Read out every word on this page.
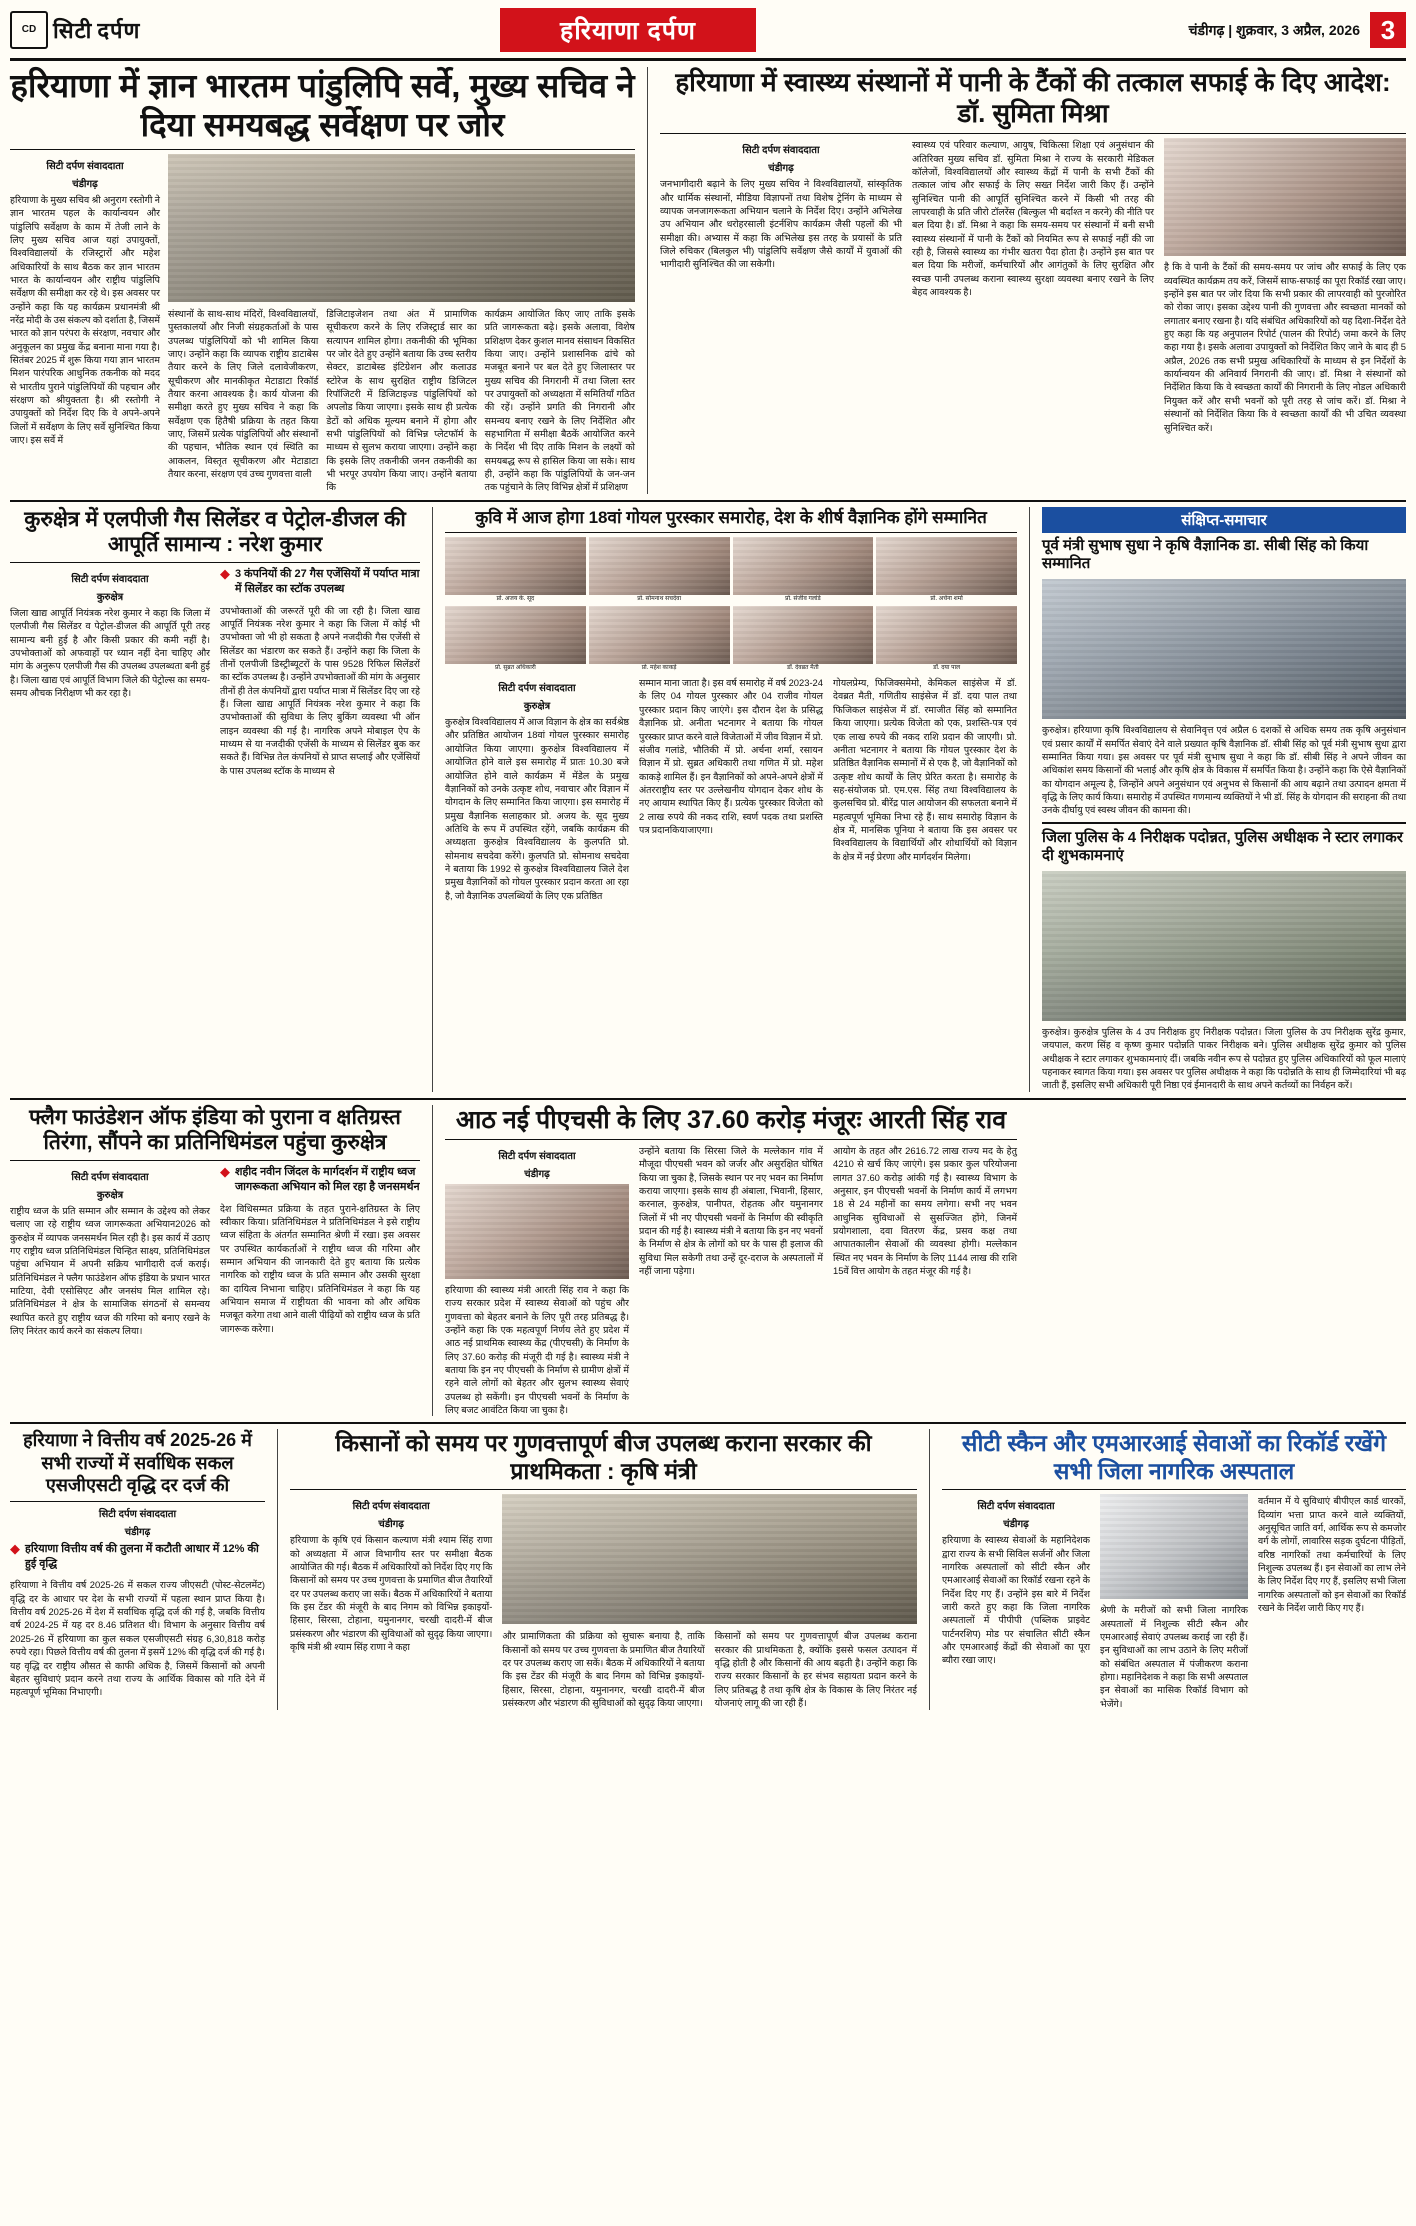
CD सिटी दर्पण	हरियाणा दर्पण	चंडीगढ़ | शुक्रवार, 3 अप्रैल, 2026 3
हरियाणा में ज्ञान भारतम पांडुलिपि सर्वे, मुख्य सचिव ने दिया समयबद्ध सर्वेक्षण पर जोर
सिटी दर्पण संवाददाता
चंडीगढ़
हरियाणा के मुख्य सचिव श्री अनुराग रस्तोगी ने ज्ञान भारतम पहल के कार्यान्वयन और पांडुलिपि सर्वेक्षण के काम में तेजी लाने के लिए मुख्य सचिव आज यहां उपायुक्तों, विश्वविद्यालयों के रजिस्ट्रारों और महेश अधिकारियों के साथ बैठक कर ज्ञान भारतम भारत के कार्यान्वयन और राष्ट्रीय पांडुलिपि सर्वेक्षण की समीक्षा कर रहे थे। इस अवसर पर उन्होंने कहा कि यह कार्यक्रम प्रधानमंत्री श्री नरेंद्र मोदी के उस संकल्प को दर्शाता है, जिसमें भारत को ज्ञान परंपरा के संरक्षण, नवचार और अनुकूलन का प्रमुख केंद्र बनाना माना गया है। सितंबर 2025 में शुरू किया गया ज्ञान भारतम मिशन पारंपरिक आधुनिक तकनीक को मदद से भारतीय पुराने पांडुलिपियों की पहचान और संरक्षण को श्रीयुक्तता है। श्री रस्तोगी ने उपायुक्तों को निर्देश दिए कि वे अपने-अपने जिलों में सर्वेक्षण के लिए सर्वे सुनिश्चित किया जाए। इस सर्वे में
संस्थानों के साथ-साथ मंदिरों, विश्वविद्यालयों, पुस्तकालयों और निजी संग्रहकर्ताओं के पास उपलब्ध पांडुलिपियों को भी शामिल किया जाए। उन्होंने कहा कि व्यापक राष्ट्रीय डाटाबेस तैयार करने के लिए जिले दलावेजीकरण, सूचीकरण और मानकीकृत मेटाडाटा रिकॉर्ड तैयार करना आवश्यक है। कार्य योजना की समीक्षा करते हुए मुख्य सचिव ने कहा कि सर्वेक्षण एक हितैषी प्रक्रिया के तहत किया जाए, जिसमें प्रत्येक पांडुलिपियों और संस्थानों की पहचान, भौतिक स्थान एवं स्थिति का आकलन, विस्तृत सूचीकरण और मेटाडाटा तैयार करना, संरक्षण एवं उच्च गुणवत्ता वाली
डिजिटाइजेशन तथा अंत में प्रामाणिक सूचीकरण करने के लिए रजिस्ट्रार्ड सार का सत्यापन शामिल होगा। तकनीकी की भूमिका पर जोर देते हुए उन्होंने बताया कि उच्च स्तरीय सेक्टर, डाटाबेस्ड इंटिग्रेशन और कलाउड स्टोरेज के साथ सुरक्षित राष्ट्रीय डिजिटल रिपॉजिटरी में डिजिटाइज्ड पांडुलिपियों को अपलोड किया जाएगा। इसके साथ ही प्रत्येक डेटों को अधिक मूल्यम बनाने में होगा और सभी पांडुलिपियों को विभिन्न प्लेटफॉर्म के माध्यम से सुलभ कराया जाएगा। उन्होंने कहा कि इसके लिए तकनीकी जनन तकनीकी का भी भरपूर उपयोग किया जाए। उन्होंने बताया कि
कार्यक्रम आयोजित किए जाए ताकि इसके प्रति जागरूकता बढ़े। इसके अलावा, विशेष प्रशिक्षण देकर कुशल मानव संसाधन विकसित किया जाए। उन्होंने प्रशासनिक ढांचे को मजबूत बनाने पर बल देते हुए जिलास्तर पर मुख्य सचिव की निगरानी में तथा जिला स्तर पर उपायुक्तों को अध्यक्षता में समितियाँ गठित की रहें। उन्होंने प्रगति की निगरानी और समन्वय बनाए रखने के लिए निर्देशित और सहभागिता में समीक्षा बैठकें आयोजित करने के निर्देश भी दिए ताकि मिशन के लक्ष्यों को समयबद्ध रूप से हासिल किया जा सके। साथ ही, उन्होंने कहा कि पांडुलिपियों के जन-जन तक पहुंचाने के लिए विभिन्न क्षेत्रों में प्रशिक्षण
हरियाणा में स्वास्थ्य संस्थानों में पानी के टैंकों की तत्काल सफाई के दिए आदेश: डॉ. सुमिता मिश्रा
सिटी दर्पण संवाददाता
चंडीगढ़
जनभागीदारी बढ़ाने के लिए मुख्य सचिव ने विश्वविद्यालयों, सांस्कृतिक और धार्मिक संस्थानों, मीडिया विज्ञापनों तथा विशेष ट्रेनिंग के माध्यम से व्यापक जनजागरूकता अभियान चलाने के निर्देश दिए। उन्होंने अभिलेख उप अभियान और धरोहरसाली इंटर्नशिप कार्यक्रम जैसी पहलों की भी समीक्षा की। अभ्यास में कहा कि अभिलेख इस तरह के प्रयासों के प्रति जिले रुचिकर (बिलकुल भी) पांडुलिपि सर्वेक्षण जैसे कार्यों में युवाओं की भागीदारी सुनिश्चित की जा सकेगी।
स्वास्थ्य एवं परिवार कल्याण, आयुष, चिकित्सा शिक्षा एवं अनुसंधान की अतिरिक्त मुख्य सचिव डॉ. सुमिता मिश्रा ने राज्य के सरकारी मेडिकल कॉलेजों, विश्वविद्यालयों और स्वास्थ्य केंद्रों में पानी के सभी टैंकों की तत्काल जांच और सफाई के लिए सख्त निर्देश जारी किए हैं। उन्होंने सुनिश्चित पानी की आपूर्ति सुनिश्चित करने में किसी भी तरह की लापरवाही के प्रति जीरो टॉलरेंस (बिल्कुल भी बर्दाश्त न करने) की नीति पर बल दिया है। डॉ. मिश्रा ने कहा कि समय-समय पर संस्थानों में बनी सभी स्वास्थ्य संस्थानों में पानी के टैंकों को नियमित रूप से सफाई नहीं की जा रही है, जिससे स्वास्थ्य का गंभीर खतरा पैदा होता है। उन्होंने इस बात पर बल दिया कि मरीजों, कर्मचारियों और आगंतुकों के लिए सुरक्षित और स्वच्छ पानी उपलब्ध कराना स्वास्थ्य सुरक्षा व्यवस्था बनाए रखने के लिए बेहद आवश्यक है।
है कि वे पानी के टैंकों की समय-समय पर जांच और सफाई के लिए एक व्यवस्थित कार्यक्रम तय करें, जिसमें साफ-सफाई का पूरा रिकॉर्ड रखा जाए। इन्होंने इस बात पर जोर दिया कि सभी प्रकार की लापरवाही को पुरजोरित को रोका जाए। इसका उद्देश्य पानी की गुणवत्ता और स्वच्छता मानकों को लगातार बनाए रखना है। यदि संबंधित अधिकारियों को यह दिशा-निर्देश देते हुए कहा कि यह अनुपालन रिपोर्ट (पालन की रिपोर्ट) जमा करने के लिए कहा गया है। इसके अलावा उपायुक्तों को निर्देशित किए जाने के बाद ही 5 अप्रैल, 2026 तक सभी प्रमुख अधिकारियों के माध्यम से इन निर्देशों के कार्यान्वयन की अनिवार्य निगरानी की जाए। डॉ. मिश्रा ने संस्थानों को निर्देशित किया कि वे स्वच्छता कार्यों की निगरानी के लिए नोडल अधिकारी नियुक्त करें और सभी भवनों को पूरी तरह से जांच करें। डॉ. मिश्रा ने संस्थानों को निर्देशित किया कि वे स्वच्छता कार्यों की भी उचित व्यवस्था सुनिश्चित करें।
कुरुक्षेत्र में एलपीजी गैस सिलेंडर व पेट्रोल-डीजल की आपूर्ति सामान्य : नरेश कुमार
सिटी दर्पण संवाददाता
कुरुक्षेत्र
जिला खाद्य आपूर्ति नियंत्रक नरेश कुमार ने कहा कि जिला में एलपीजी गैस सिलेंडर व पेट्रोल-डीजल की आपूर्ति पूरी तरह सामान्य बनी हुई है और किसी प्रकार की कमी नहीं है। उपभोक्ताओं को अफवाहों पर ध्यान नहीं देना चाहिए और मांग के अनुरूप एलपीजी गैस की उपलब्ध उपलब्धता बनी हुई है। जिला खाद्य एवं आपूर्ति विभाग जिले की पेट्रोल्स का समय-समय औचक निरीक्षण भी कर रहा है।
◆ 3 कंपनियों की 27 गैस एजेंसियों में पर्याप्त मात्रा में सिलेंडर का स्टॉक उपलब्ध
उपभोक्ताओं की जरूरतें पूरी की जा रही है। जिला खाद्य आपूर्ति नियंत्रक नरेश कुमार ने कहा कि जिला में कोई भी उपभोक्ता जो भी हो सकता है अपने नजदीकी गैस एजेंसी से सिलेंडर का भंडारण कर सकते हैं। उन्होंने कहा कि जिला के तीनों एलपीजी डिस्ट्रीब्यूटरों के पास 9528 रिफिल सिलेंडरों का स्टॉक उपलब्ध है। उन्होंने उपभोक्ताओं की मांग के अनुसार तीनों ही तेल कंपनियों द्वारा पर्याप्त मात्रा में सिलेंडर दिए जा रहे हैं। जिला खाद्य आपूर्ति नियंत्रक नरेश कुमार ने कहा कि उपभोक्ताओं की सुविधा के लिए बुकिंग व्यवस्था भी ऑन लाइन व्यवस्था की गई है। नागरिक अपने मोबाइल ऐप के माध्यम से या नजदीकी एजेंसी के माध्यम से सिलेंडर बुक कर सकते हैं। विभिन्न तेल कंपनियों से प्राप्त सप्लाई और एजेंसियों के पास उपलब्ध स्टॉक के माध्यम से
कुवि में आज होगा 18वां गोयल पुरस्कार समारोह, देश के शीर्ष वैज्ञानिक होंगे सम्मानित
प्रो. अजय के. सूद	प्रो. सोमनाथ सचदेवा	प्रो. संजीव गलांडे	प्रो. अर्चना शर्मा
प्रो. सुब्रत अधिकारी	प्रो. महेश काकड़े	डॉ. देवब्रत मैती	डॉ. दया पाल
सिटी दर्पण संवाददाता
कुरुक्षेत्र
कुरुक्षेत्र विश्वविद्यालय में आज विज्ञान के क्षेत्र का सर्वश्रेष्ठ और प्रतिष्ठित आयोजन 18वां गोयल पुरस्कार समारोह आयोजित किया जाएगा। कुरुक्षेत्र विश्वविद्यालय में आयोजित होने वाले इस समारोह में प्रातः 10.30 बजे आयोजित होने वाले कार्यक्रम में मेंडेल के प्रमुख वैज्ञानिकों को उनके उत्कृष्ट शोध, नवाचार और विज्ञान में योगदान के लिए सम्मानित किया जाएगा। इस समारोह में प्रमुख वैज्ञानिक सलाहकार प्रो. अजय के. सूद मुख्य अतिथि के रूप में उपस्थित रहेंगे, जबकि कार्यक्रम की अध्यक्षता कुरुक्षेत्र विश्वविद्यालय के कुलपति प्रो. सोमनाथ सचदेवा करेंगे। कुलपति प्रो. सोमनाथ सचदेवा ने बताया कि 1992 से कुरुक्षेत्र विश्वविद्यालय जिले देश प्रमुख वैज्ञानिकों को गोयल पुरस्कार प्रदान करता आ रहा है, जो वैज्ञानिक उपलब्धियों के लिए एक प्रतिष्ठित
सम्मान माना जाता है। इस वर्ष समारोह में वर्ष 2023-24 के लिए 04 गोयल पुरस्कार और 04 राजीव गोयल पुरस्कार प्रदान किए जाएंगे। इस दौरान देश के प्रसिद्ध वैज्ञानिक प्रो. अनीता भटनागर ने बताया कि गोयल पुरस्कार प्राप्त करने वाले विजेताओं में जीव विज्ञान में प्रो. संजीव गलांडे, भौतिकी में प्रो. अर्चना शर्मा, रसायन विज्ञान में प्रो. सुब्रत अधिकारी तथा गणित में प्रो. महेश काकड़े शामिल हैं। इन वैज्ञानिकों को अपने-अपने क्षेत्रों में अंतरराष्ट्रीय स्तर पर उल्लेखनीय योगदान देकर शोध के नए आयाम स्थापित किए हैं। प्रत्येक पुरस्कार विजेता को 2 लाख रुपये की नकद राशि, स्वर्ण पदक तथा प्रशस्ति पत्र प्रदानकियाजाएगा।
गोयलप्रेम्य, फिजिक्समेमो, केमिकल साइंसेज में डॉ. देवब्रत मैती, गणितीय साइंसेज में डॉ. दया पाल तथा फिजिकल साइंसेज में डॉ. रमाजीत सिंह को सम्मानित किया जाएगा। प्रत्येक विजेता को एक, प्रशस्ति-पत्र एवं एक लाख रुपये की नकद राशि प्रदान की जाएगी। प्रो. अनीता भटनागर ने बताया कि गोयल पुरस्कार देश के प्रतिष्ठित वैज्ञानिक सम्मानों में से एक है, जो वैज्ञानिकों को उत्कृष्ट शोध कार्यों के लिए प्रेरित करता है। समारोह के सह-संयोजक प्रो. एम.एस. सिंह तथा विश्वविद्यालय के कुलसचिव प्रो. बीरेंद्र पाल आयोजन की सफलता बनाने में महत्वपूर्ण भूमिका निभा रहे हैं। साथ समारोह विज्ञान के क्षेत्र में, मानसिक पूनिया ने बताया कि इस अवसर पर विश्वविद्यालय के विद्यार्थियों और शोधार्थियों को विज्ञान के क्षेत्र में नई प्रेरणा और मार्गदर्शन मिलेगा।
संक्षिप्त-समाचार
पूर्व मंत्री सुभाष सुधा ने कृषि वैज्ञानिक डा. सीबी सिंह को किया सम्मानित
कुरुक्षेत्र। हरियाणा कृषि विश्वविद्यालय से सेवानिवृत्त एवं अप्रैल 6 दशकों से अधिक समय तक कृषि अनुसंधान एवं प्रसार कार्यों में समर्पित सेवाएं देने वाले प्रख्यात कृषि वैज्ञानिक डॉ. सीबी सिंह को पूर्व मंत्री सुभाष सुधा द्वारा सम्मानित किया गया। इस अवसर पर पूर्व मंत्री सुभाष सुधा ने कहा कि डॉ. सीबी सिंह ने अपने जीवन का अधिकांश समय किसानों की भलाई और कृषि क्षेत्र के विकास में समर्पित किया है। उन्होंने कहा कि ऐसे वैज्ञानिकों का योगदान अमूल्य है, जिन्होंने अपने अनुसंधान एवं अनुभव से किसानों की आय बढ़ाने तथा उत्पादन क्षमता में वृद्धि के लिए कार्य किया। समारोह में उपस्थित गणमान्य व्यक्तियों ने भी डॉ. सिंह के योगदान की सराहना की तथा उनके दीर्घायु एवं स्वस्थ जीवन की कामना की।
जिला पुलिस के 4 निरीक्षक पदोन्नत, पुलिस अधीक्षक ने स्टार लगाकर दी शुभकामनाएं
कुरुक्षेत्र। कुरुक्षेत्र पुलिस के 4 उप निरीक्षक हुए निरीक्षक पदोन्नत। जिला पुलिस के उप निरीक्षक सुरेंद्र कुमार, जयपाल, करण सिंह व कृष्ण कुमार पदोन्नति पाकर निरीक्षक बने। पुलिस अधीक्षक सुरेंद्र कुमार को पुलिस अधीक्षक ने स्टार लगाकर शुभकामनाएं दीं। जबकि नवीन रूप से पदोन्नत हुए पुलिस अधिकारियों को फूल मालाएं पहनाकर स्वागत किया गया। इस अवसर पर पुलिस अधीक्षक ने कहा कि पदोन्नति के साथ ही जिम्मेदारियां भी बढ़ जाती हैं, इसलिए सभी अधिकारी पूरी निष्ठा एवं ईमानदारी के साथ अपने कर्तव्यों का निर्वहन करें।
फ्लैग फाउंडेशन ऑफ इंडिया को पुराना व क्षतिग्रस्त तिरंगा, सौंपने का प्रतिनिधिमंडल पहुंचा कुरुक्षेत्र
सिटी दर्पण संवाददाता
कुरुक्षेत्र
राष्ट्रीय ध्वज के प्रति सम्मान और सम्मान के उद्देश्य को लेकर चलाए जा रहे राष्ट्रीय ध्वज जागरूकता अभियान2026 को कुरुक्षेत्र में व्यापक जनसमर्थन मिल रही है। इस कार्य में उठाए गए राष्ट्रीय ध्वज प्रतिनिधिमंडल चिन्हित साक्ष्य, प्रतिनिधिमंडल पहुंचा अभियान में अपनी सक्रिय भागीदारी दर्ज कराई। प्रतिनिधिमंडल ने फ्लैग फाउंडेशन ऑफ इंडिया के प्रधान भारत माटिया, देवी एसोसिएट और जनसंघ मिल शामिल रहे। प्रतिनिधिमंडल ने क्षेत्र के सामाजिक संगठनों से समन्वय स्थापित करते हुए राष्ट्रीय ध्वज की गरिमा को बनाए रखने के लिए निरंतर कार्य करने का संकल्प लिया।
◆ शहीद नवीन जिंदल के मार्गदर्शन में राष्ट्रीय ध्वज जागरूकता अभियान को मिल रहा है जनसमर्थन
देश विधिसम्मत प्रक्रिया के तहत पुराने-क्षतिग्रस्त के लिए स्वीकार किया। प्रतिनिधिमंडल ने प्रतिनिधिमंडल ने इसे राष्ट्रीय ध्वज संहिता के अंतर्गत सम्मानित श्रेणी में रखा। इस अवसर पर उपस्थित कार्यकर्ताओं ने राष्ट्रीय ध्वज की गरिमा और सम्मान अभियान की जानकारी देते हुए बताया कि प्रत्येक नागरिक को राष्ट्रीय ध्वज के प्रति सम्मान और उसकी सुरक्षा का दायित्व निभाना चाहिए। प्रतिनिधिमंडल ने कहा कि यह अभियान समाज में राष्ट्रीयता की भावना को और अधिक मजबूत करेगा तथा आने वाली पीढ़ियों को राष्ट्रीय ध्वज के प्रति जागरूक करेगा।
आठ नई पीएचसी के लिए 37.60 करोड़ मंजूरः आरती सिंह राव
सिटी दर्पण संवाददाता
चंडीगढ़
हरियाणा की स्वास्थ्य मंत्री आरती सिंह राव ने कहा कि राज्य सरकार प्रदेश में स्वास्थ्य सेवाओं को पहुंच और गुणवत्ता को बेहतर बनाने के लिए पूरी तरह प्रतिबद्ध है। उन्होंने कहा कि एक महत्वपूर्ण निर्णय लेते हुए प्रदेश में आठ नई प्राथमिक स्वास्थ्य केंद्र (पीएचसी) के निर्माण के लिए 37.60 करोड़ की मंजूरी दी गई है। स्वास्थ्य मंत्री ने बताया कि इन नए पीएचसी के निर्माण से ग्रामीण क्षेत्रों में रहने वाले लोगों को बेहतर और सुलभ स्वास्थ्य सेवाएं उपलब्ध हो सकेंगी। इन पीएचसी भवनों के निर्माण के लिए बजट आवंटित किया जा चुका है।
उन्होंने बताया कि सिरसा जिले के मल्लेकान गांव में मौजूदा पीएचसी भवन को जर्जर और असुरक्षित घोषित किया जा चुका है, जिसके स्थान पर नए भवन का निर्माण कराया जाएगा। इसके साथ ही अंबाला, भिवानी, हिसार, करनाल, कुरुक्षेत्र, पानीपत, रोहतक और यमुनानगर जिलों में भी नए पीएचसी भवनों के निर्माण की स्वीकृति प्रदान की गई है। स्वास्थ्य मंत्री ने बताया कि इन नए भवनों के निर्माण से क्षेत्र के लोगों को घर के पास ही इलाज की सुविधा मिल सकेगी तथा उन्हें दूर-दराज के अस्पतालों में नहीं जाना पड़ेगा।
आयोग के तहत और 2616.72 लाख राज्य मद के हेतु 4210 से खर्च किए जाएंगे। इस प्रकार कुल परियोजना लागत 37.60 करोड़ आंकी गई है। स्वास्थ्य विभाग के अनुसार, इन पीएचसी भवनों के निर्माण कार्य में लगभग 18 से 24 महीनों का समय लगेगा। सभी नए भवन आधुनिक सुविधाओं से सुसज्जित होंगे, जिनमें प्रयोगशाला, दवा वितरण केंद्र, प्रसव कक्ष तथा आपातकालीन सेवाओं की व्यवस्था होगी। मल्लेकान स्थित नए भवन के निर्माण के लिए 1144 लाख की राशि 15वें वित्त आयोग के तहत मंजूर की गई है।
हरियाणा ने वित्तीय वर्ष 2025-26 में सभी राज्यों में सर्वाधिक सकल एसजीएसटी वृद्धि दर दर्ज की
सिटी दर्पण संवाददाता
चंडीगढ़
◆ हरियाणा वित्तीय वर्ष की तुलना में कटौती आधार में 12% की हुई वृद्धि
हरियाणा ने वित्तीय वर्ष 2025-26 में सकल राज्य जीएसटी (पोस्ट-सेटलमेंट) वृद्धि दर के आधार पर देश के सभी राज्यों में पहला स्थान प्राप्त किया है। वित्तीय वर्ष 2025-26 में देश में सर्वाधिक वृद्धि दर्ज की गई है, जबकि वित्तीय वर्ष 2024-25 में यह दर 8.46 प्रतिशत थी। विभाग के अनुसार वित्तीय वर्ष 2025-26 में हरियाणा का कुल सकल एसजीएसटी संग्रह 6,30,818 करोड़ रुपये रहा। पिछले वित्तीय वर्ष की तुलना में इसमें 12% की वृद्धि दर्ज की गई है। यह वृद्धि दर राष्ट्रीय औसत से काफी अधिक है, जिसमें किसानों को अपनी बेहतर सुविधाएं प्रदान करने तथा राज्य के आर्थिक विकास को गति देने में महत्वपूर्ण भूमिका निभाएगी।
किसानों को समय पर गुणवत्तापूर्ण बीज उपलब्ध कराना सरकार की प्राथमिकता : कृषि मंत्री
सिटी दर्पण संवाददाता
चंडीगढ़
हरियाणा के कृषि एवं किसान कल्याण मंत्री श्याम सिंह राणा को अध्यक्षता में आज विभागीय स्तर पर समीक्षा बैठक आयोजित की गई। बैठक में अधिकारियों को निर्देश दिए गए कि किसानों को समय पर उच्च गुणवत्ता के प्रमाणित बीज तैयारियों दर पर उपलब्ध कराए जा सकें। बैठक में अधिकारियों ने बताया कि इस टेंडर की मंजूरी के बाद निगम को विभिन्न इकाइयों-हिसार, सिरसा, टोहाना, यमुनानगर, चरखी दादरी-में बीज प्रसंस्करण और भंडारण की सुविधाओं को सुदृढ़ किया जाएगा। कृषि मंत्री श्री श्याम सिंह राणा ने कहा
और प्रामाणिकता की प्रक्रिया को सुचारू बनाया है, ताकि किसानों को समय पर उच्च गुणवत्ता के प्रमाणित बीज तैयारियों दर पर उपलब्ध कराए जा सकें। बैठक में अधिकारियों ने बताया कि इस टेंडर की मंजूरी के बाद निगम को विभिन्न इकाइयों-हिसार, सिरसा, टोहाना, यमुनानगर, चरखी दादरी-में बीज प्रसंस्करण और भंडारण की सुविधाओं को सुदृढ़ किया जाएगा।
किसानों को समय पर गुणवत्तापूर्ण बीज उपलब्ध कराना सरकार की प्राथमिकता है, क्योंकि इससे फसल उत्पादन में वृद्धि होती है और किसानों की आय बढ़ती है। उन्होंने कहा कि राज्य सरकार किसानों के हर संभव सहायता प्रदान करने के लिए प्रतिबद्ध है तथा कृषि क्षेत्र के विकास के लिए निरंतर नई योजनाएं लागू की जा रही हैं।
सीटी स्कैन और एमआरआई सेवाओं का रिकॉर्ड रखेंगे सभी जिला नागरिक अस्पताल
सिटी दर्पण संवाददाता
चंडीगढ़
हरियाणा के स्वास्थ्य सेवाओं के महानिदेशक द्वारा राज्य के सभी सिविल सर्जनों और जिला नागरिक अस्पतालों को सीटी स्कैन और एमआरआई सेवाओं का रिकॉर्ड रखना रहने के निर्देश दिए गए हैं। उन्होंने इस बारे में निर्देश जारी करते हुए कहा कि जिला नागरिक अस्पतालों में पीपीपी (पब्लिक प्राइवेट पार्टनरशिप) मोड पर संचालित सीटी स्कैन और एमआरआई केंद्रों की सेवाओं का पूरा ब्यौरा रखा जाए।
श्रेणी के मरीजों को सभी जिला नागरिक अस्पतालों में निशुल्क सीटी स्कैन और एमआरआई सेवाएं उपलब्ध कराई जा रही हैं। इन सुविधाओं का लाभ उठाने के लिए मरीजों को संबंधित अस्पताल में पंजीकरण कराना होगा। महानिदेशक ने कहा कि सभी अस्पताल इन सेवाओं का मासिक रिकॉर्ड विभाग को भेजेंगे।
वर्तमान में ये सुविधाएं बीपीएल कार्ड धारकों, दिव्यांग भत्ता प्राप्त करने वाले व्यक्तियों, अनुसूचित जाति वर्ग, आर्थिक रूप से कमजोर वर्ग के लोगों, लावारिस सड़क दुर्घटना पीड़ितों, वरिष्ठ नागरिकों तथा कर्मचारियों के लिए निशुल्क उपलब्ध हैं। इन सेवाओं का लाभ लेने के लिए निर्देश दिए गए हैं, इसलिए सभी जिला नागरिक अस्पतालों को इन सेवाओं का रिकॉर्ड रखने के निर्देश जारी किए गए हैं।
